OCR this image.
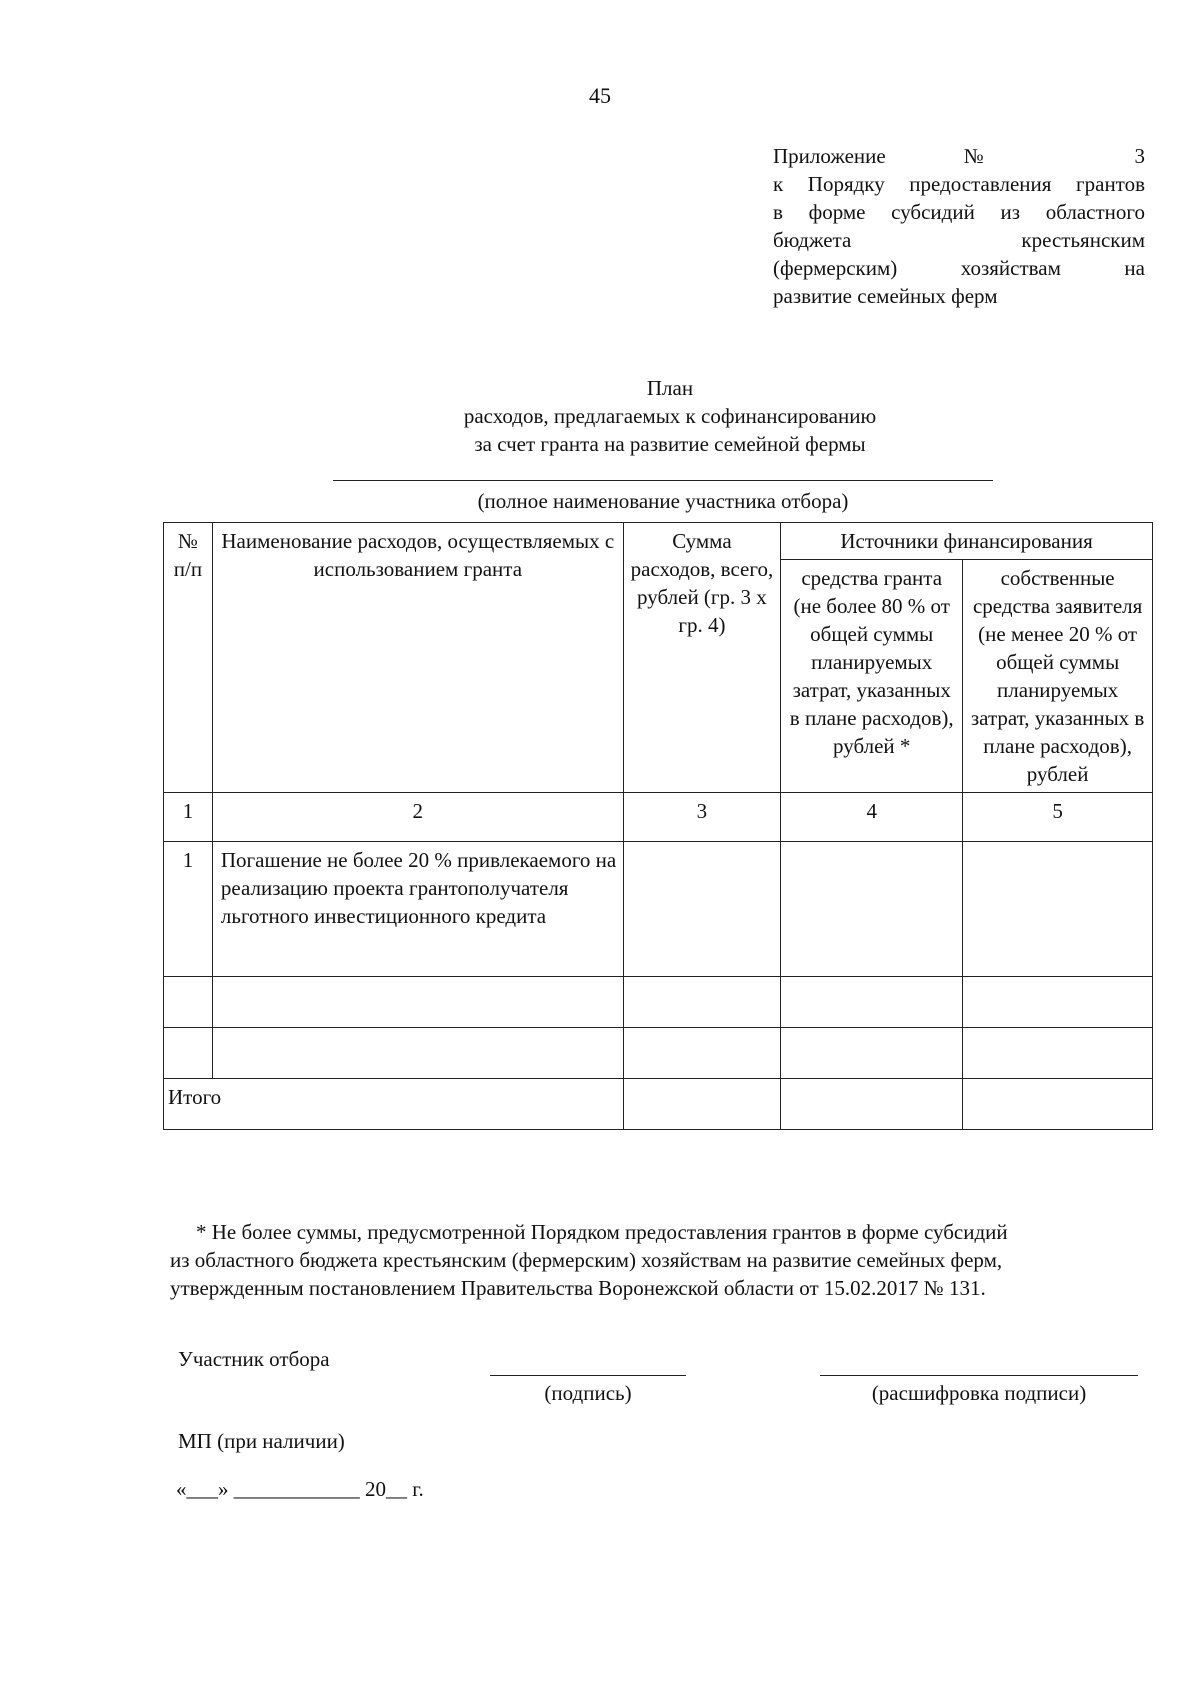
45
Приложение № 3
к Порядку предоставления грантов
в форме субсидий из областного
бюджета крестьянским
(фермерским) хозяйствам на
развитие семейных ферм
План
расходов, предлагаемых к софинансированию
за счет гранта на развитие семейной фермы
(полное наименование участника отбора)
№ п/п	Наименование расходов, осуществляемых с использованием гранта	Сумма расходов, всего, рублей (гр. 3 х гр. 4)	Источники финансирования	
			средства гранта (не более 80 % от общей суммы планируемых затрат, указанных в плане расходов), рублей *	собственные средства заявителя (не менее 20 % от общей суммы планируемых затрат, указанных в плане расходов), рублей
1	2	3	4	5
1	Погашение не более 20 % привлекаемого на реализацию проекта грантополучателя льготного инвестиционного кредита			

Итого				
* Не более суммы, предусмотренной Порядком предоставления грантов в форме субсидий
из областного бюджета крестьянским (фермерским) хозяйствам на развитие семейных ферм,
утвержденным постановлением Правительства Воронежской области от 15.02.2017 № 131.
Участник отбора
(подпись)	(расшифровка подписи)
МП (при наличии)
«___» ____________ 20__ г.
